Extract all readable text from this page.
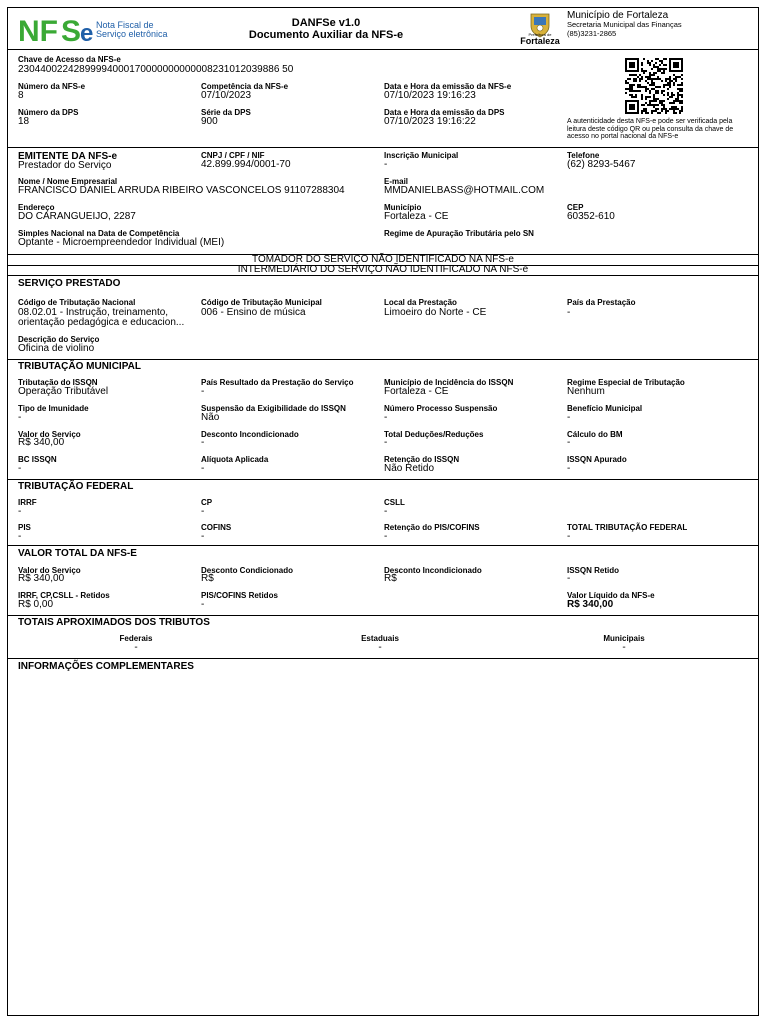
NF S
e Nota Fiscal de
Serviço eletrônica
DANFSe v1.0
Documento Auxiliar da NFS-e	Prefeitura de
Fortaleza
Município de Fortaleza
Secretaria Municipal das Finanças
(85)3231-2865
Chave de Acesso da NFS-e
23044002242899994000170000000000008231012039886 50
Número da NFS-e
8
Competência da NFS-e
07/10/2023
Data e Hora da emissão da NFS-e
07/10/2023 19:16:23
Número da DPS
18
Série da DPS
900
Data e Hora da emissão da DPS
07/10/2023 19:16:22	A autenticidade desta NFS-e pode ser verificada pela leitura deste código QR ou pela consulta da chave de acesso no portal nacional da NFS-e
EMITENTE DA NFS-e
Prestador do Serviço
CNPJ / CPF / NIF
42.899.994/0001-70
Inscrição Municipal
-
Telefone
(62) 8293-5467
Nome / Nome Empresarial
FRANCISCO DANIEL ARRUDA RIBEIRO VASCONCELOS 91107288304
E-mail
MMDANIELBASS@HOTMAIL.COM
Endereço
DO CARANGUEIJO, 2287
Município
Fortaleza - CE
CEP
60352-610
Simples Nacional na Data de Competência
Optante - Microempreendedor Individual (MEI)
Regime de Apuração Tributária pelo SN
TOMADOR DO SERVIÇO NÃO IDENTIFICADO NA NFS-e
INTERMEDIÁRIO DO SERVIÇO NÃO IDENTIFICADO NA NFS-e
SERVIÇO PRESTADO
Código de Tributação Nacional
08.02.01 - Instrução, treinamento, orientação pedagógica e educacion...
Código de Tributação Municipal
006 - Ensino de música
Local da Prestação
Limoeiro do Norte - CE
País da Prestação
-
Descrição do Serviço
Oficina de violino
TRIBUTAÇÃO MUNICIPAL
Tributação do ISSQN
Operação Tributável
País Resultado da Prestação do Serviço
-
Município de Incidência do ISSQN
Fortaleza - CE
Regime Especial de Tributação
Nenhum
Tipo de Imunidade
-
Suspensão da Exigibilidade do ISSQN
Não
Número Processo Suspensão
-
Benefício Municipal
-
Valor do Serviço
R$ 340,00
Desconto Incondicionado
-
Total Deduções/Reduções
-
Cálculo do BM
-
BC ISSQN
-
Alíquota Aplicada
-
Retenção do ISSQN
Não Retido
ISSQN Apurado
-
TRIBUTAÇÃO FEDERAL
IRRF
-
CP
-
CSLL
-
PIS
-
COFINS
-
Retenção do PIS/COFINS
-
TOTAL TRIBUTAÇÃO FEDERAL
-
VALOR TOTAL DA NFS-E
Valor do Serviço
R$ 340,00
Desconto Condicionado
R$
Desconto Incondicionado
R$
ISSQN Retido
-
IRRF, CP,CSLL - Retidos
R$ 0,00
PIS/COFINS Retidos
-
Valor Líquido da NFS-e
R$ 340,00
TOTAIS APROXIMADOS DOS TRIBUTOS
Federais
-
Estaduais
-
Municipais
-
INFORMAÇÕES COMPLEMENTARES
